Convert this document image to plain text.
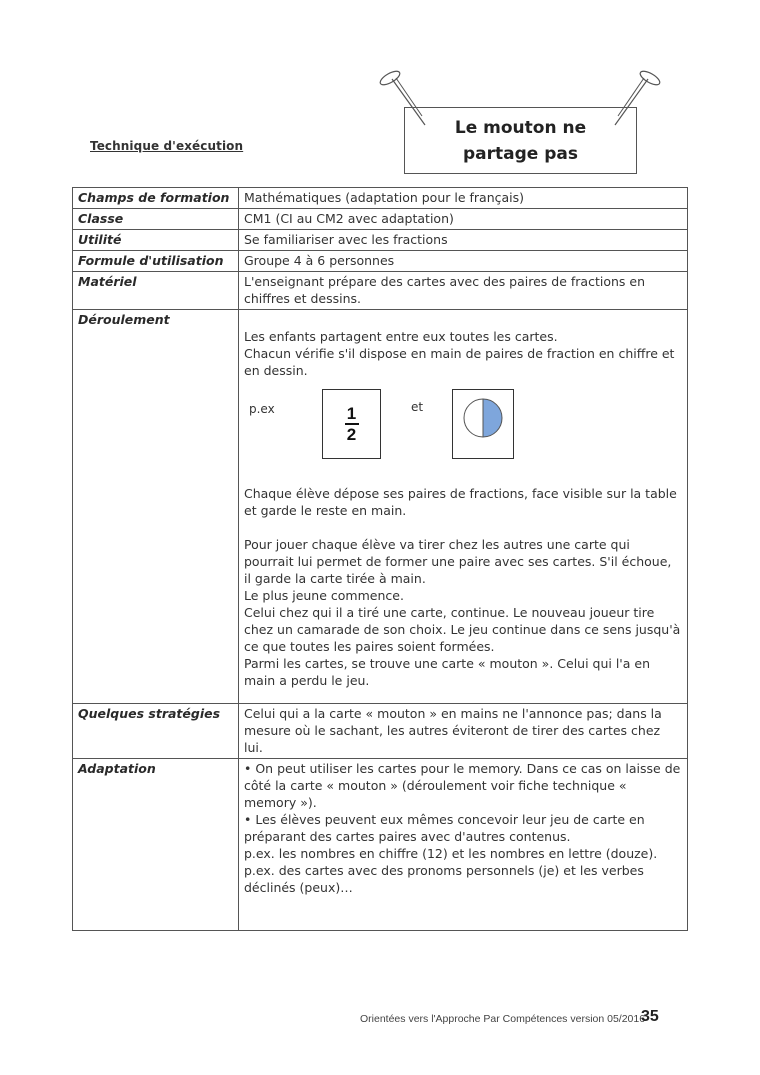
Le mouton ne
partage pas
Technique d'exécution
Champs de formation	Mathématiques (adaptation pour le français)
Classe	CM1 (CI au CM2 avec adaptation)
Utilité	Se familiariser avec les fractions
Formule d'utilisation	Groupe 4 à 6 personnes
Matériel	L'enseignant prépare des cartes avec des paires de fractions en chiffres et dessins.
Déroulement	

Les enfants partagent entre eux toutes les cartes.

Chacun vérifie s'il dispose en main de paires de fraction en chiffre et en dessin.

p.ex	1
2
et

Chaque élève dépose ses paires de fractions, face visible sur la table et garde le reste en main.

Pour jouer chaque élève va tirer chez les autres une carte qui pourrait lui permet de former une paire avec ses cartes. S'il échoue, il garde la carte tirée à main.

Le plus jeune commence.

Celui chez qui il a tiré une carte, continue. Le nouveau joueur tire chez un camarade de son choix. Le jeu continue dans ce sens jusqu'à ce que toutes les paires soient formées.

Parmi les cartes, se trouve une carte « mouton ». Celui qui l'a en main a perdu le jeu.

Quelques stratégies	Celui qui a la carte « mouton » en mains ne l'annonce pas; dans la mesure où le sachant, les autres éviteront de tirer des cartes chez lui.
Adaptation	• On peut utiliser les cartes pour le memory. Dans ce cas on laisse de côté la carte « mouton » (déroulement voir fiche technique « memory »).

• Les élèves peuvent eux mêmes concevoir leur jeu de carte en préparant des cartes paires avec d'autres contenus.

p.ex. les nombres en chiffre (12) et les nombres en lettre (douze).

p.ex. des cartes avec des pronoms personnels (je) et les verbes déclinés (peux)…

Orientées vers l'Approche Par Compétences version 05/2016
35
